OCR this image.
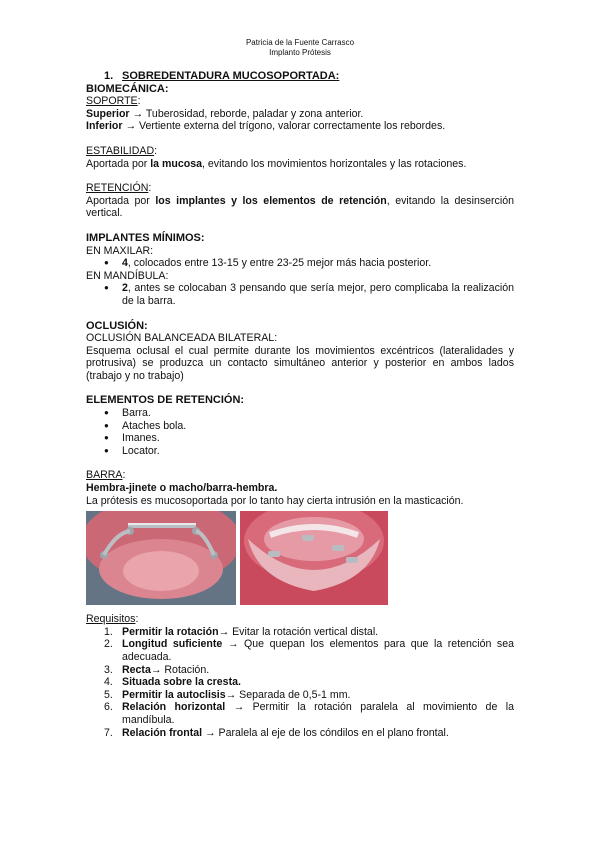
Patricia de la Fuente Carrasco
Implanto Prótesis

1. SOBREDENTADURA MUCOSOPORTADA:

BIOMECÁNICA:

SOPORTE:

Superior → Tuberosidad, reborde, paladar y zona anterior.

Inferior → Vertiente externa del trígono, valorar correctamente los rebordes.

ESTABILIDAD:

Aportada por la mucosa, evitando los movimientos horizontales y las rotaciones.

RETENCIÓN:

Aportada por los implantes y los elementos de retención, evitando la desinserción vertical.

IMPLANTES MÍNIMOS:

EN MAXILAR:

● 4, colocados entre 13-15 y entre 23-25 mejor más hacia posterior.

EN MANDÍBULA:

● 2, antes se colocaban 3 pensando que sería mejor, pero complicaba la realización de la barra.

OCLUSIÓN:

OCLUSIÓN BALANCEADA BILATERAL:

Esquema oclusal el cual permite durante los movimientos excéntricos (lateralidades y protrusiva) se produzca un contacto simultáneo anterior y posterior en ambos lados (trabajo y no trabajo)

ELEMENTOS DE RETENCIÓN:

● Barra.
● Ataches bola.
● Imanes.
● Locator.

BARRA:

Hembra-jinete o macho/barra-hembra.

La prótesis es mucosoportada por lo tanto hay cierta intrusión en la masticación.

Requisitos:

1. Permitir la rotación→ Evitar la rotación vertical distal.
2. Longitud suficiente → Que quepan los elementos para que la retención sea adecuada.
3. Recta→ Rotación.
4. Situada sobre la cresta.
5. Permitir la autoclisis→ Separada de 0,5-1 mm.
6. Relación horizontal → Permitir la rotación paralela al movimiento de la mandíbula.
7. Relación frontal → Paralela al eje de los cóndilos en el plano frontal.
